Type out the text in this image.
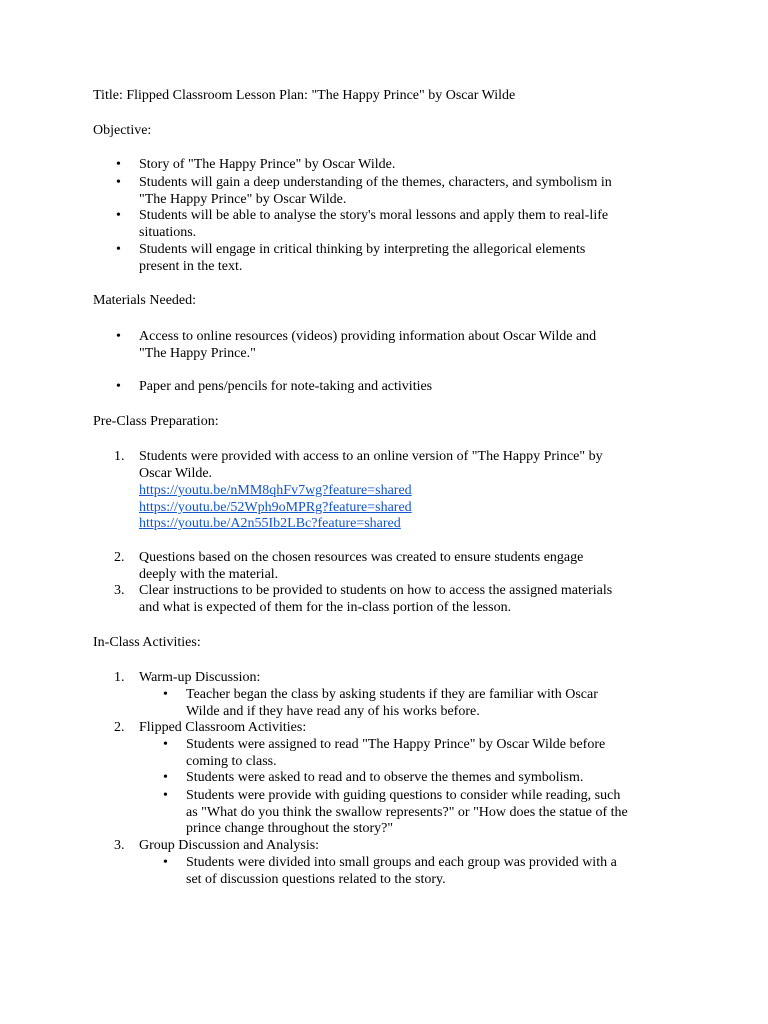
Title: Flipped Classroom Lesson Plan: "The Happy Prince" by Oscar Wilde
Objective:
• Story of "The Happy Prince" by Oscar Wilde.
• Students will gain a deep understanding of the themes, characters, and symbolism in
"The Happy Prince" by Oscar Wilde.
• Students will be able to analyse the story's moral lessons and apply them to real-life
situations.
• Students will engage in critical thinking by interpreting the allegorical elements
present in the text.
Materials Needed:
• Access to online resources (videos) providing information about Oscar Wilde and
"The Happy Prince."
• Paper and pens/pencils for note-taking and activities
Pre-Class Preparation:
1. Students were provided with access to an online version of "The Happy Prince" by
Oscar Wilde.
https://youtu.be/nMM8qhFv7wg?feature=shared
https://youtu.be/52Wph9oMPRg?feature=shared
https://youtu.be/A2n55Ib2LBc?feature=shared
2. Questions based on the chosen resources was created to ensure students engage
deeply with the material.
3. Clear instructions to be provided to students on how to access the assigned materials
and what is expected of them for the in-class portion of the lesson.
In-Class Activities:
1. Warm-up Discussion:
• Teacher began the class by asking students if they are familiar with Oscar
Wilde and if they have read any of his works before.
2. Flipped Classroom Activities:
• Students were assigned to read "The Happy Prince" by Oscar Wilde before
coming to class.
• Students were asked to read and to observe the themes and symbolism.
• Students were provide with guiding questions to consider while reading, such
as "What do you think the swallow represents?" or "How does the statue of the
prince change throughout the story?"
3. Group Discussion and Analysis:
• Students were divided into small groups and each group was provided with a
set of discussion questions related to the story.
